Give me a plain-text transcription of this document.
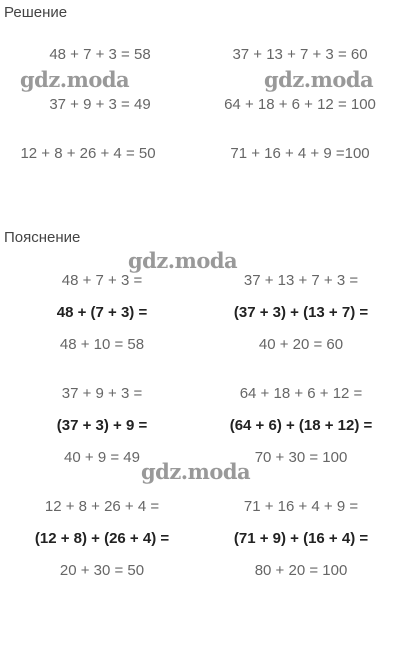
Решение
48 + 7 + 3 = 58
37 + 9 + 3 = 49
12 + 8 + 26 + 4 = 50
37 + 13 + 7 + 3 = 60
64 + 18 + 6 + 12 = 100
71 + 16 + 4 + 9 =100
Пояснение
48 + 7 + 3 =
48 + (7 + 3) =
48 + 10 = 58
37 + 13 + 7 + 3 =
(37 + 3) + (13 + 7) =
40 + 20 = 60
37 + 9 + 3 =
(37 + 3) + 9 =
40 + 9 = 49
64 + 18 + 6 + 12 =
(64 + 6) + (18 + 12) =
70 + 30 = 100
12 + 8 + 26 + 4 =
(12 + 8) + (26 + 4) =
20 + 30 = 50
71 + 16 + 4 + 9 =
(71 + 9) + (16 + 4) =
80 + 20 = 100
gdz.moda	gdz.moda
gdz.moda
gdz.moda
